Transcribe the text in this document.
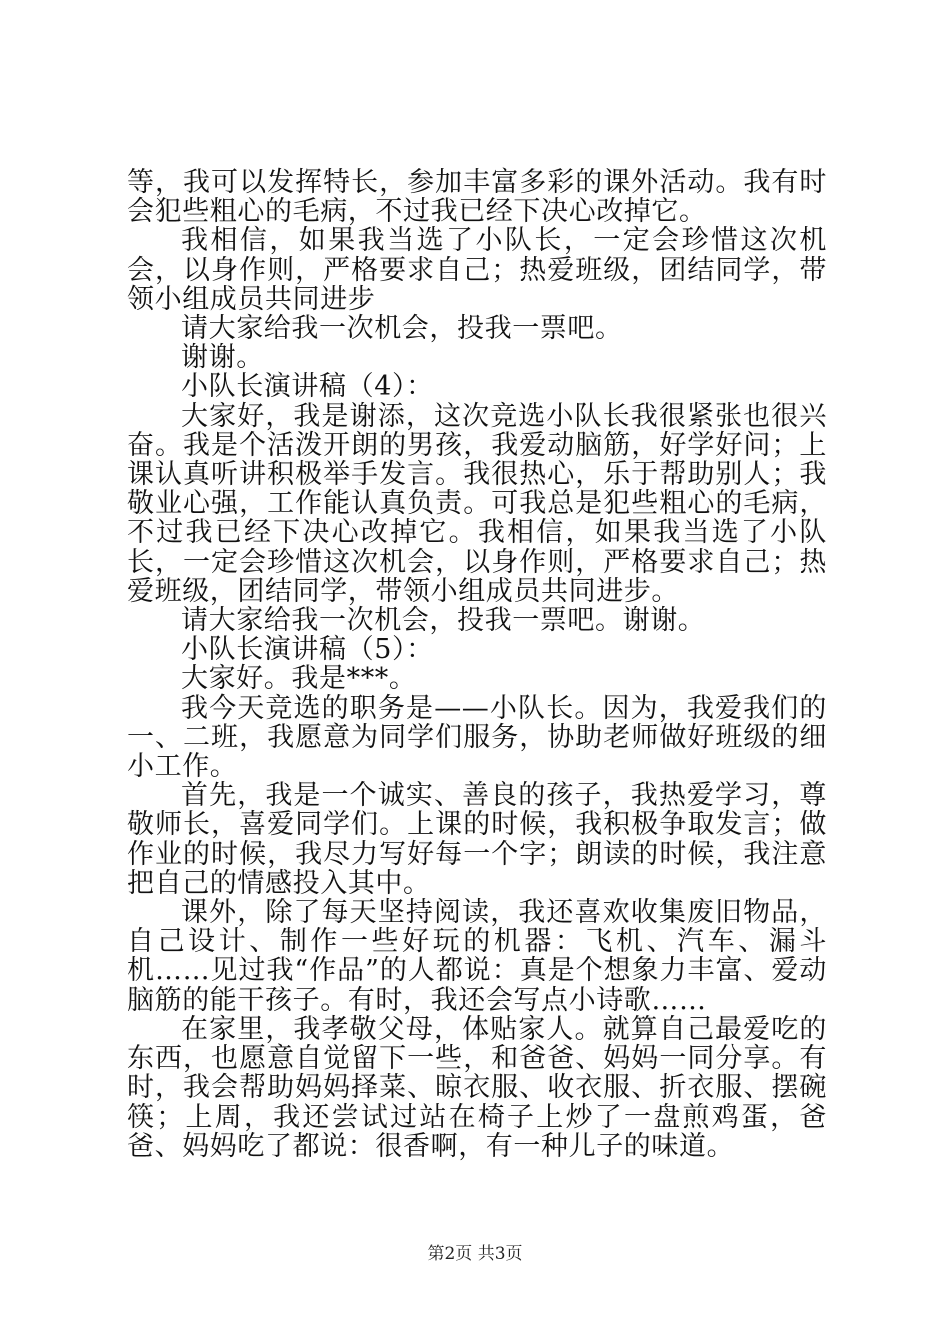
等，我可以发挥特长，参加丰富多彩的课外活动。我有时会犯些粗心的毛病，不过我已经下决心改掉它。

我相信，如果我当选了小队长，一定会珍惜这次机会，以身作则，严格要求自己；热爱班级，团结同学，带领小组成员共同进步

请大家给我一次机会，投我一票吧。

谢谢。

小队长演讲稿（4）：

大家好，我是谢添，这次竞选小队长我很紧张也很兴奋。我是个活泼开朗的男孩，我爱动脑筋，好学好问；上课认真听讲积极举手发言。我很热心，乐于帮助别人；我敬业心强，工作能认真负责。可我总是犯些粗心的毛病，不过我已经下决心改掉它。我相信，如果我当选了小队长，一定会珍惜这次机会，以身作则，严格要求自己；热爱班级，团结同学，带领小组成员共同进步。

请大家给我一次机会，投我一票吧。谢谢。

小队长演讲稿（5）：

大家好。我是***。

我今天竞选的职务是——小队长。因为，我爱我们的一、二班，我愿意为同学们服务，协助老师做好班级的细小工作。

首先，我是一个诚实、善良的孩子，我热爱学习，尊敬师长，喜爱同学们。上课的时候，我积极争取发言；做作业的时候，我尽力写好每一个字；朗读的时候，我注意把自己的情感投入其中。

课外，除了每天坚持阅读，我还喜欢收集废旧物品，自己设计、制作一些好玩的机器：飞机、汽车、漏斗机……见过我“作品”的人都说：真是个想象力丰富、爱动脑筋的能干孩子。有时，我还会写点小诗歌……

在家里，我孝敬父母，体贴家人。就算自己最爱吃的东西，也愿意自觉留下一些，和爸爸、妈妈一同分享。有时，我会帮助妈妈择菜、晾衣服、收衣服、折衣服、摆碗筷；上周，我还尝试过站在椅子上炒了一盘煎鸡蛋，爸爸、妈妈吃了都说：很香啊，有一种儿子的味道。

第2页 共3页
